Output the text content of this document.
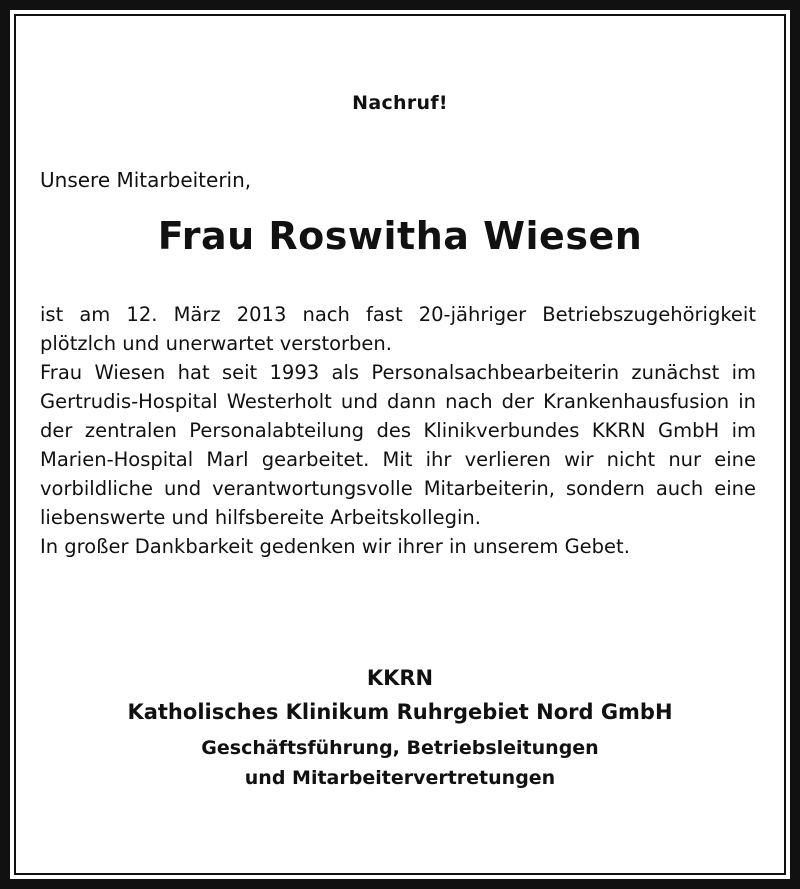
Nachruf!
Unsere Mitarbeiterin,
Frau Roswitha Wiesen

ist am 12. März 2013 nach fast 20-jähriger Betriebszugehörigkeit plötzlch und unerwartet verstorben.

Frau Wiesen hat seit 1993 als Personalsachbearbeiterin zunächst im Gertrudis-Hospital Westerholt und dann nach der Krankenhausfusion in der zentralen Personalabteilung des Klinikverbundes KKRN GmbH im Marien-Hospital Marl gearbeitet. Mit ihr verlieren wir nicht nur eine vorbildliche und verantwortungsvolle Mitarbeiterin, sondern auch eine liebenswerte und hilfsbereite Arbeitskollegin.

In großer Dankbarkeit gedenken wir ihrer in unserem Gebet.

KKRN
Katholisches Klinikum Ruhrgebiet Nord GmbH
Geschäftsführung, Betriebsleitungen
und Mitarbeitervertretungen
